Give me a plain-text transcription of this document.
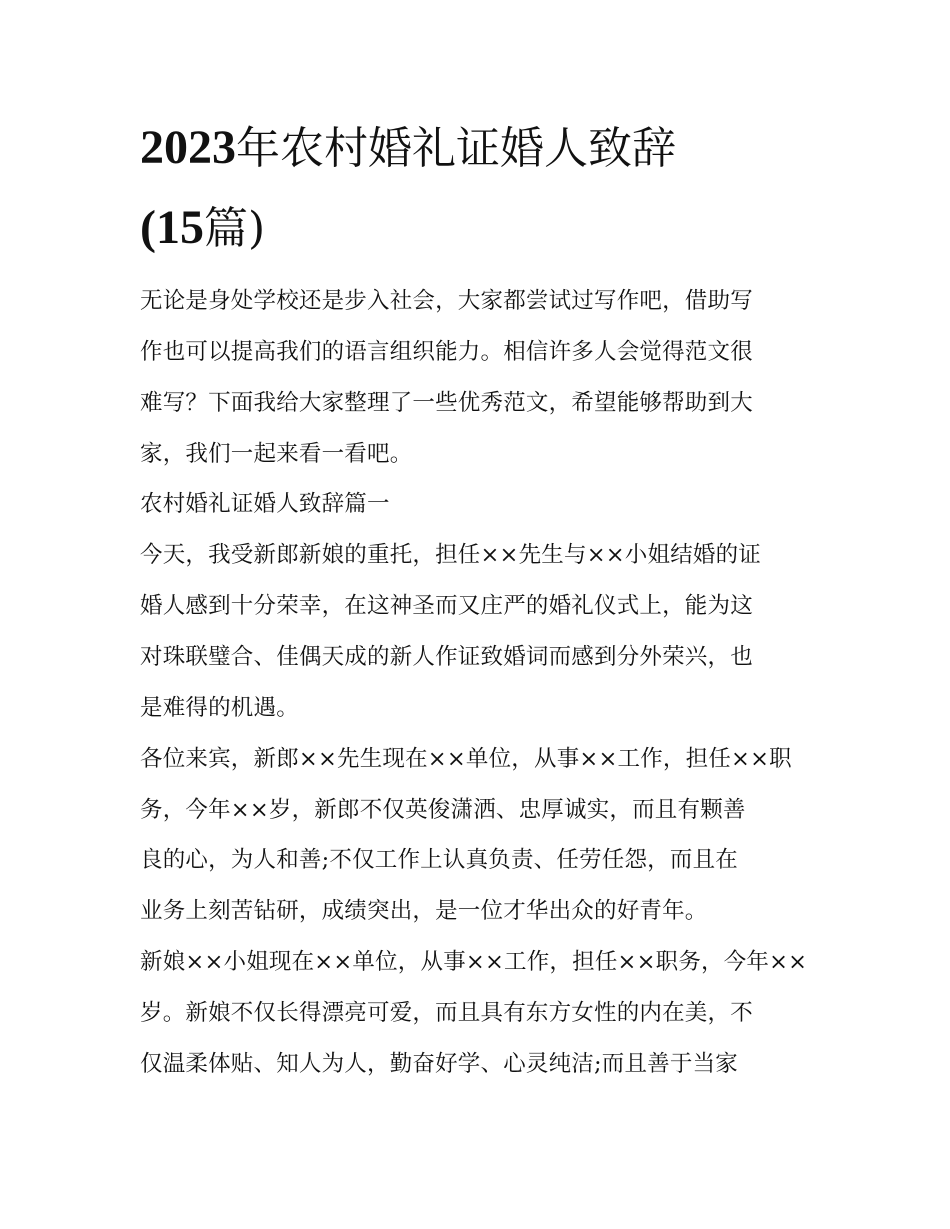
2023年农村婚礼证婚人致辞
(15篇)
无论是身处学校还是步入社会，大家都尝试过写作吧，借助写
作也可以提高我们的语言组织能力。相信许多人会觉得范文很
难写？下面我给大家整理了一些优秀范文，希望能够帮助到大
家，我们一起来看一看吧。
农村婚礼证婚人致辞篇一
今天，我受新郎新娘的重托，担任××先生与××小姐结婚的证
婚人感到十分荣幸，在这神圣而又庄严的婚礼仪式上，能为这
对珠联璧合、佳偶天成的新人作证致婚词而感到分外荣兴，也
是难得的机遇。
各位来宾，新郎××先生现在××单位，从事××工作，担任××职
务，今年××岁，新郎不仅英俊潇洒、忠厚诚实，而且有颗善
良的心，为人和善;不仅工作上认真负责、任劳任怨，而且在
业务上刻苦钻研，成绩突出，是一位才华出众的好青年。
新娘××小姐现在××单位，从事××工作，担任××职务，今年××
岁。新娘不仅长得漂亮可爱，而且具有东方女性的内在美，不
仅温柔体贴、知人为人，勤奋好学、心灵纯洁;而且善于当家
